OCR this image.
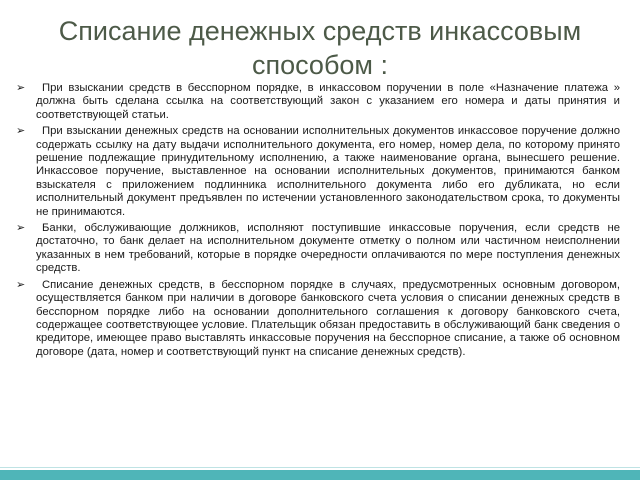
Списание денежных средств инкассовым способом :
➢ При взыскании средств в бесспорном порядке, в инкассовом поручении в поле «Назначение платежа » должна быть сделана ссылка на соответствующий закон с указанием его номера и даты принятия и соответствующей статьи.
➢ При взыскании денежных средств на основании исполнительных документов инкассовое поручение должно содержать ссылку на дату выдачи исполнительного документа, его номер, номер дела, по которому принято решение подлежащие принудительному исполнению, а также наименование органа, вынесшего решение. Инкассовое поручение, выставленное на основании исполнительных документов, принимаются банком взыскателя с приложением подлинника исполнительного документа либо его дубликата, но если исполнительный документ предъявлен по истечении установленного законодательством срока, то документы не принимаются.
➢ Банки, обслуживающие должников, исполняют поступившие инкассовые поручения, если средств не достаточно, то банк делает на исполнительном документе отметку о полном или частичном неисполнении указанных в нем требований, которые в порядке очередности оплачиваются по мере поступления денежных средств.
➢ Списание денежных средств, в бесспорном порядке в случаях, предусмотренных основным договором, осуществляется банком при наличии в договоре банковского счета условия о списании денежных средств в бесспорном порядке либо на основании дополнительного соглашения к договору банковского счета, содержащее соответствующее условие. Плательщик обязан предоставить в обслуживающий банк сведения о кредиторе, имеющее право выставлять инкассовые поручения на бесспорное списание, а также об основном договоре (дата, номер и соответствующий пункт на списание денежных средств).
